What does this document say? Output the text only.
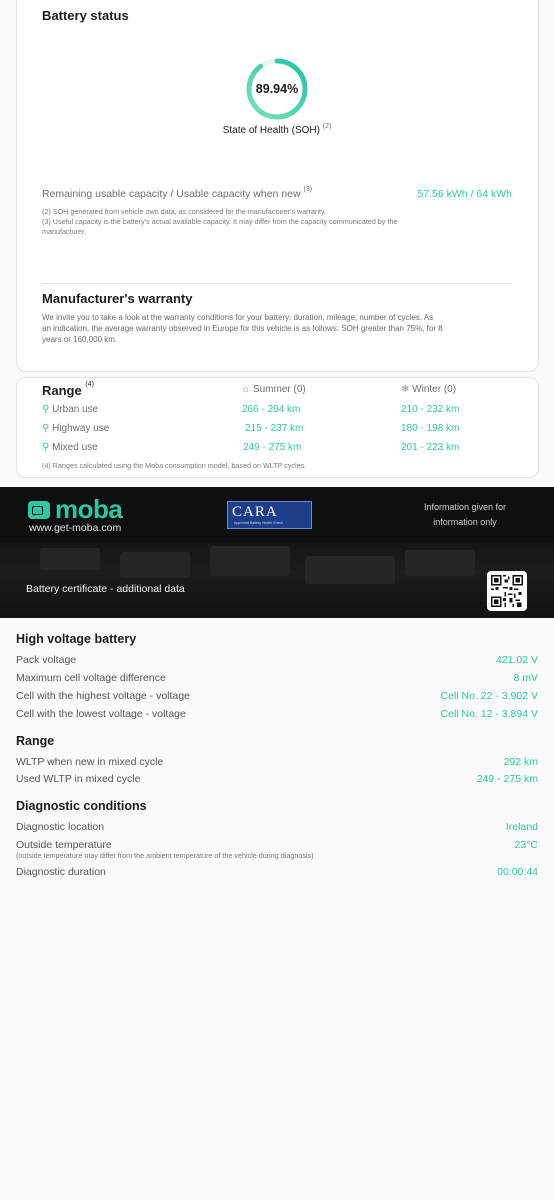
Battery status
89.94%
State of Health (SOH) $^{(2)}$
Remaining usable capacity / Usable capacity when new $^{(3)}$	57.56 kWh / 64 kWh
(2) SOH generated from vehicle own data, as considered for the manufacturer's warranty.
(3) Useful capacity is the battery's actual available capacity. It may differ from the capacity communicated by the
manufacturer.
Manufacturer's warranty
We invite you to take a look at the warranty conditions for your battery: duration, mileage, number of cycles. As
an indication, the average warranty observed in Europe for this vehicle is as follows: SOH greater than 75%, for 8
years or 160,000 km.
Range $^{(4)}$	☼ Summer (0)	❄ Winter (0)
⚲ Urban use	266 - 294 km	210 - 232 km
⚲ Highway use	215 - 237 km	180 - 198 km
⚲ Mixed use	249 - 275 km	201 - 223 km
(4) Ranges calculated using the Moba consumption model, based on WLTP cycles.
moba
www.get-moba.com
CARA
Approved Battery Health Check
Information given for
information only
Battery certificate - additional data
High voltage battery
Pack voltage	421.02 V
Maximum cell voltage difference	8 mV
Cell with the highest voltage - voltage	Cell No. 22 - 3.902 V
Cell with the lowest voltage - voltage	Cell No. 12 - 3.894 V
Range
WLTP when new in mixed cycle	292 km
Used WLTP in mixed cycle	249 - 275 km
Diagnostic conditions
Diagnostic location	Ireland
Outside temperature	23°C
(outside temperature may differ from the ambient temperature of the vehicle during diagnosis)
Diagnostic duration	00:00:44
